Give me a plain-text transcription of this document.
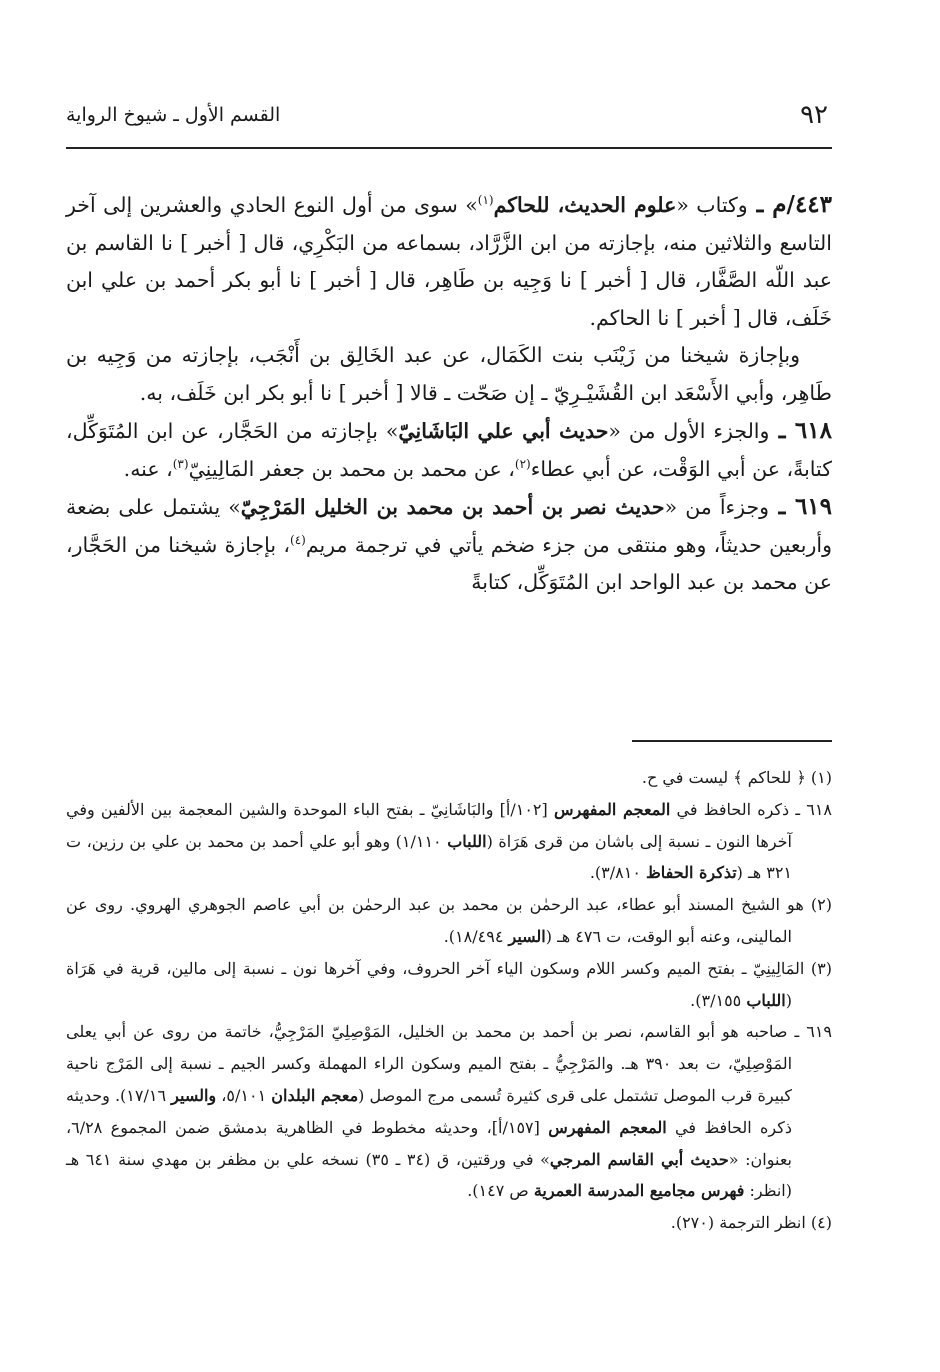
٩٢
القسم الأول ـ شيوخ الرواية

٤٤٣/م ـ وكتاب «علوم الحديث، للحاكم$^{(١)}$» سوى من أول النوع الحادي والعشرين إلى آخر التاسع والثلاثين منه، بإجازته من ابن الزَّرَّاد، بسماعه من البَكْرِي، قال [ أخبر ] نا القاسم بن عبد اللّه الصَّفَّار، قال [ أخبر ] نا وَجِيه بن طَاهِر، قال [ أخبر ] نا أبو بكر أحمد بن علي ابن خَلَف، قال [ أخبر ] نا الحاكم.

وبإجازة شيخنا من زَيْنَب بنت الكَمَال، عن عبد الخَالِق بن أَنْجَب، بإجازته من وَجِيه بن طَاهِر، وأبي الأَسْعَد ابن القُشَيْـرِيّ ـ إن صَحّت ـ قالا [ أخبر ] نا أبو بكر ابن خَلَف، به.

٦١٨ ـ والجزء الأول من «حديث أبي علي البَاشَانِيّ» بإجازته من الحَجَّار، عن ابن المُتَوَكِّل، كتابةً، عن أبي الوَقْت، عن أبي عطاء$^{(٢)}$، عن محمد بن محمد بن جعفر المَالِينِيّ$^{(٣)}$، عنه.

٦١٩ ـ وجزءاً من «حديث نصر بن أحمد بن محمد بن الخليل المَرْجِيّ» يشتمل على بضعة وأربعين حديثاً، وهو منتقى من جزء ضخم يأتي في ترجمة مريم$^{(٤)}$، بإجازة شيخنا من الحَجَّار، عن محمد بن عبد الواحد ابن المُتَوَكِّل، كتابةً

(١) ﴿ للحاكم ﴾ ليست في ح.

٦١٨ ـ ذكره الحافظ في المعجم المفهرس [١٠٢/أ] والبَاشَانِيّ ـ بفتح الباء الموحدة والشين المعجمة بين الألفين وفي آخرها النون ـ نسبة إلى باشان من قرى هَرَاة (اللباب ١/١١٠) وهو أبو علي أحمد بن محمد بن علي بن رزين، ت ٣٢١ هـ (تذكرة الحفاظ ٣/٨١٠).

(٢) هو الشيخ المسند أبو عطاء، عبد الرحمٰن بن محمد بن عبد الرحمٰن بن أبي عاصم الجوهري الهروي. روى عن المالينى، وعنه أبو الوقت، ت ٤٧٦ هـ (السير ١٨/٤٩٤).

(٣) المَالِينِيّ ـ بفتح الميم وكسر اللام وسكون الياء آخر الحروف، وفي آخرها نون ـ نسبة إلى مالين، قرية في هَرَاة (اللباب ٣/١٥٥).

٦١٩ ـ صاحبه هو أبو القاسم، نصر بن أحمد بن محمد بن الخليل، المَوْصِلِيّ المَرْجِيُّ، خاتمة من روى عن أبي يعلى المَوْصِلِيّ، ت بعد ٣٩٠ هـ. والمَرْجِيُّ ـ بفتح الميم وسكون الراء المهملة وكسر الجيم ـ نسبة إلى المَرْج ناحية كبيرة قرب الموصل تشتمل على قرى كثيرة تُسمى مرج الموصل (معجم البلدان ٥/١٠١، والسير ١٧/١٦). وحديثه ذكره الحافظ في المعجم المفهرس [١٥٧/أ]، وحديثه مخطوط في الظاهرية بدمشق ضمن المجموع ٦/٢٨، بعنوان: «حديث أبي القاسم المرجي» في ورقتين، ق (٣٤ ـ ٣٥) نسخه علي بن مظفر بن مهدي سنة ٦٤١ هـ (انظر: فهرس مجاميع المدرسة العمرية ص ١٤٧).

(٤) انظر الترجمة (٢٧٠).
